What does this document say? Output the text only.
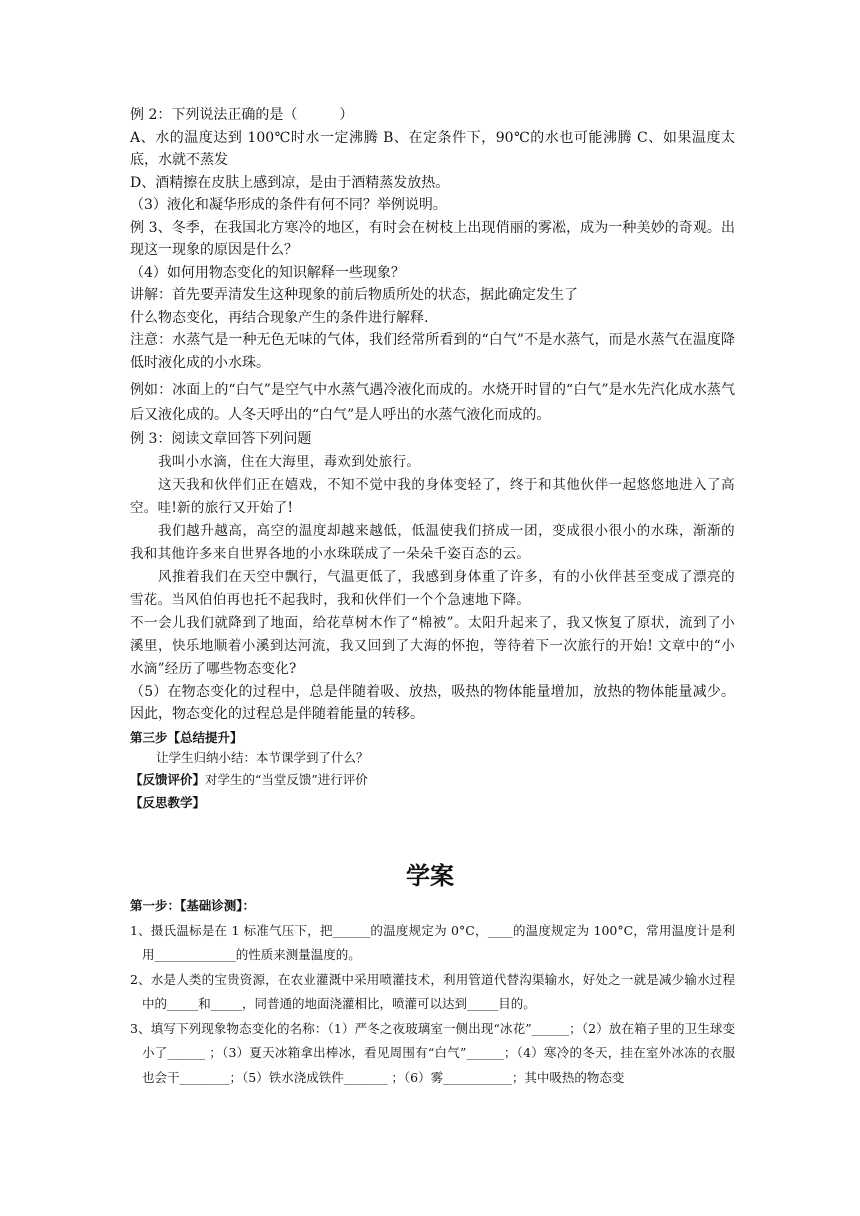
例 2：下列说法正确的是（　　　）

A、水的温度达到 100℃时水一定沸腾 B、在定条件下，90℃的水也可能沸腾 C、如果温度太底，水就不蒸发

D、酒精擦在皮肤上感到凉，是由于酒精蒸发放热。

（3）液化和凝华形成的条件有何不同？举例说明。

例 3、冬季，在我国北方寒冷的地区，有时会在树枝上出现俏丽的雾凇，成为一种美妙的奇观。出现这一现象的原因是什么？

（4）如何用物态变化的知识解释一些现象？

讲解：首先要弄清发生这种现象的前后物质所处的状态，据此确定发生了

什么物态变化，再结合现象产生的条件进行解释.

注意：水蒸气是一种无色无味的气体，我们经常所看到的“白气”不是水蒸气，而是水蒸气在温度降低时液化成的小水珠。

例如：冰面上的“白气”是空气中水蒸气遇冷液化而成的。水烧开时冒的“白气”是水先汽化成水蒸气后又液化成的。人冬天呼出的“白气”是人呼出的水蒸气液化而成的。

例 3：阅读文章回答下列问题

我叫小水滴，住在大海里，毒欢到处旅行。

这天我和伙伴们正在嬉戏，不知不觉中我的身体变轻了，终于和其他伙伴一起悠悠地进入了高空。哇!新的旅行又开始了!

我们越升越高，高空的温度却越来越低，低温使我们挤成一团，变成很小很小的水珠，渐渐的我和其他许多来自世界各地的小水珠联成了一朵朵千姿百态的云。

风推着我们在天空中飘行，气温更低了，我感到身体重了许多，有的小伙伴甚至变成了漂亮的雪花。当风伯伯再也托不起我时，我和伙伴们一个个急速地下降。

不一会儿我们就降到了地面，给花草树木作了“棉被”。太阳升起来了，我又恢复了原状，流到了小溪里，快乐地顺着小溪到达河流，我又回到了大海的怀抱，等待着下一次旅行的开始! 文章中的“小水滴”经历了哪些物态变化?

（5）在物态变化的过程中，总是伴随着吸、放热，吸热的物体能量增加，放热的物体能量减少。因此，物态变化的过程总是伴随着能量的转移。

第三步【总结提升】

让学生归纳小结：本节课学到了什么？

【反馈评价】对学生的“当堂反馈”进行评价

【反思教学】

学案

第一步：【基础诊测】：

1、摄氏温标是在 1 标准气压下，把______的温度规定为 0°C，____的温度规定为 100°C，常用温度计是利用_____________的性质来测量温度的。

2、水是人类的宝贵资源，在农业灌溉中采用喷灌技术，利用管道代替沟渠输水，好处之一就是减少输水过程中的_____和_____，同普通的地面浇灌相比，喷灌可以达到_____目的。

3、填写下列现象物态变化的名称：（1）严冬之夜玻璃室一侧出现“冰花”______；（2）放在箱子里的卫生球变小了______ ；（3）夏天冰箱拿出棒冰，看见周围有“白气”______；（4）寒冷的冬天，挂在室外冰冻的衣服也会干________；（5）铁水浇成铁件_______ ；（6）雾___________；其中吸热的物态变
